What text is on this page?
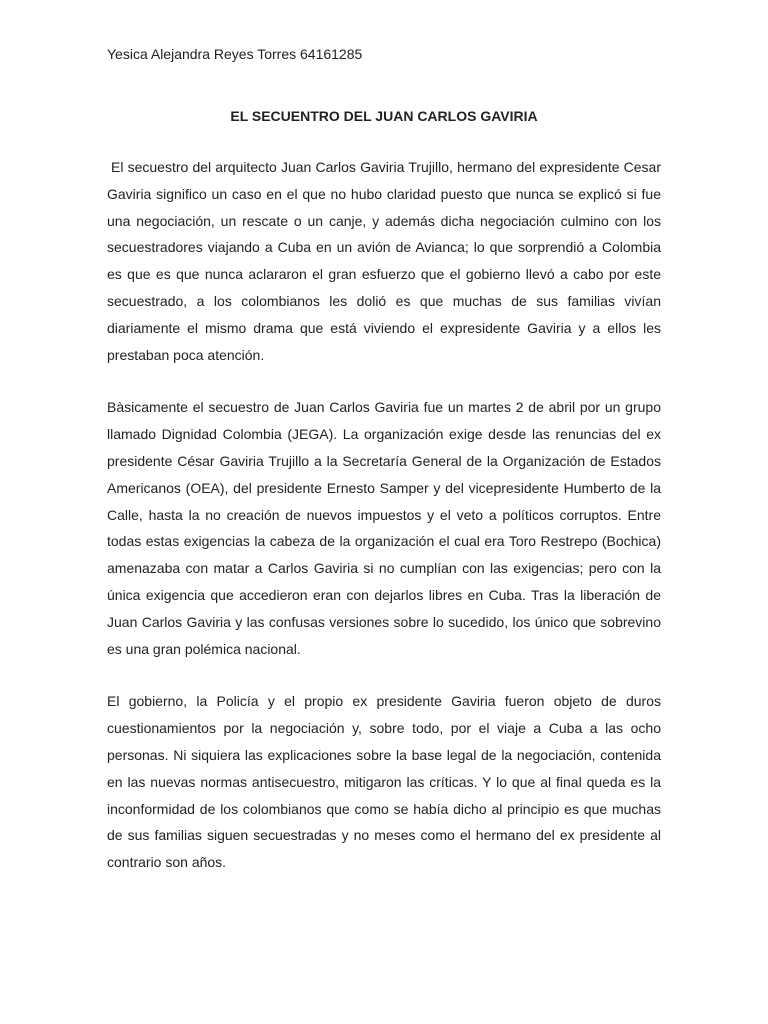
Yesica Alejandra Reyes Torres 64161285

EL SECUENTRO DEL JUAN CARLOS GAVIRIA

El secuestro del arquitecto Juan Carlos Gaviria Trujillo, hermano del expresidente Cesar Gaviria significo un caso en el que no hubo claridad puesto que nunca se explicó si fue una negociación, un rescate o un canje, y además dicha negociación culmino con los secuestradores viajando a Cuba en un avión de Avianca; lo que sorprendió a Colombia es que es que nunca aclararon el gran esfuerzo que el gobierno llevó a cabo por este secuestrado, a los colombianos les dolió es que muchas de sus familias vivían diariamente el mismo drama que está viviendo el expresidente Gaviria y a ellos les prestaban poca atención.

Bàsicamente el secuestro de Juan Carlos Gaviria fue un martes 2 de abril por un grupo llamado Dignidad Colombia (JEGA). La organización exige desde las renuncias del ex presidente César Gaviria Trujillo a la Secretaría General de la Organización de Estados Americanos (OEA), del presidente Ernesto Samper y del vicepresidente Humberto de la Calle, hasta la no creación de nuevos impuestos y el veto a políticos corruptos. Entre todas estas exigencias la cabeza de la organización el cual era Toro Restrepo (Bochica) amenazaba con matar a Carlos Gaviria si no cumplían con las exigencias; pero con la única exigencia que accedieron eran con dejarlos libres en Cuba. Tras la liberación de Juan Carlos Gaviria y las confusas versiones sobre lo sucedido, los único que sobrevino es una gran polémica nacional.

El gobierno, la Policía y el propio ex presidente Gaviria fueron objeto de duros cuestionamientos por la negociación y, sobre todo, por el viaje a Cuba a las ocho personas. Ni siquiera las explicaciones sobre la base legal de la negociación, contenida en las nuevas normas antisecuestro, mitigaron las críticas. Y lo que al final queda es la inconformidad de los colombianos que como se había dicho al principio es que muchas de sus familias siguen secuestradas y no meses como el hermano del ex presidente al contrario son años.
